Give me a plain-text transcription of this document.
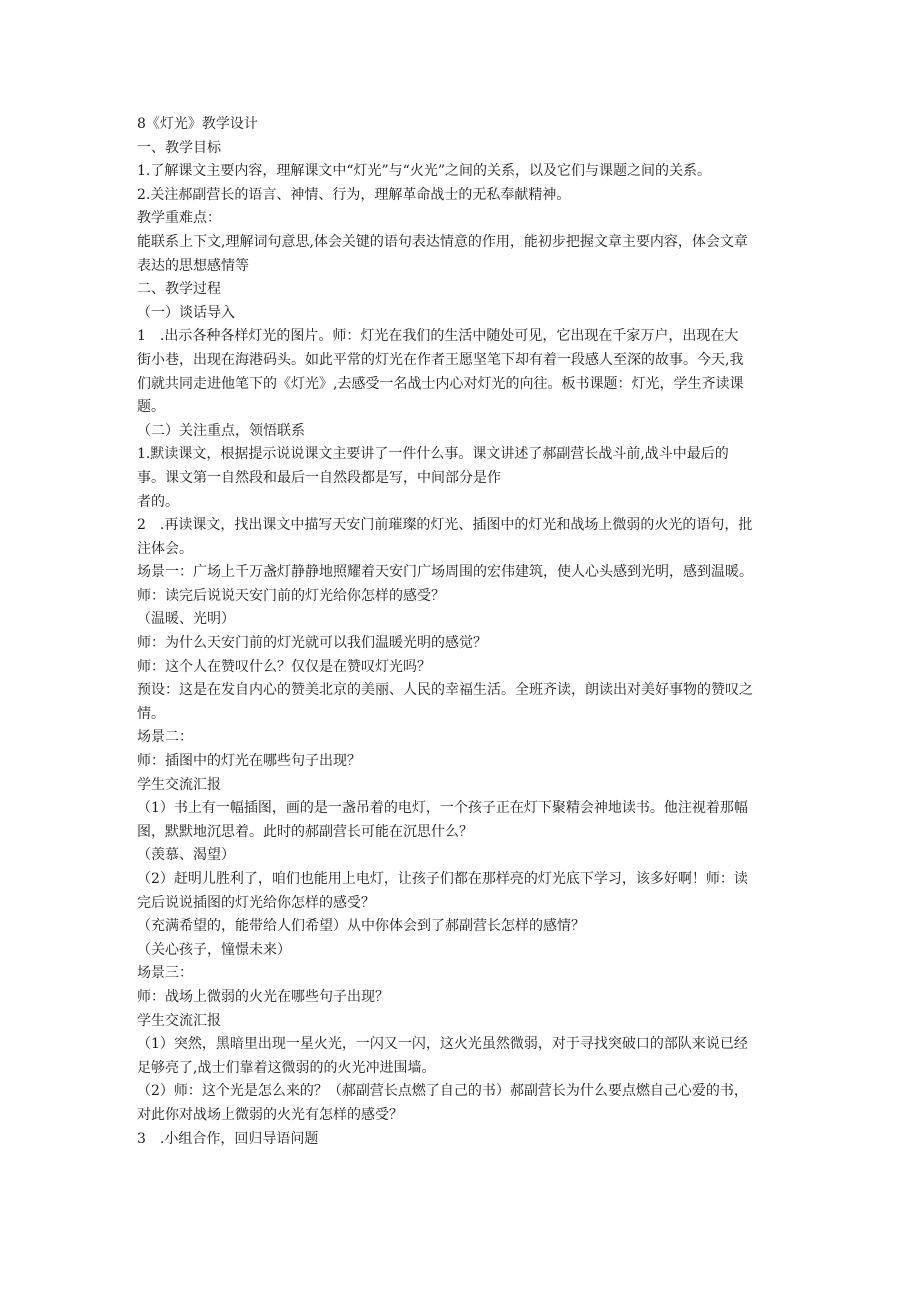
8《灯光》教学设计

一、教学目标

1.了解课文主要内容，理解课文中“灯光”与“火光”之间的关系，以及它们与课题之间的关系。

2.关注郝副营长的语言、神情、行为，理解革命战士的无私奉献精神。

教学重难点：

能联系上下文,理解词句意思,体会关键的语句表达情意的作用，能初步把握文章主要内容，体会文章

表达的思想感情等

二、教学过程

（一）谈话导入

1　.出示各种各样灯光的图片。师：灯光在我们的生活中随处可见，它出现在千家万户，出现在大

街小巷，出现在海港码头。如此平常的灯光在作者王愿坚笔下却有着一段感人至深的故事。今天,我

们就共同走进他笔下的《灯光》,去感受一名战士内心对灯光的向往。板书课题：灯光，学生齐读课

题。

（二）关注重点，领悟联系

1.默读课文，根据提示说说课文主要讲了一件什么事。课文讲述了郝副营长战斗前,战斗中最后的

事。课文第一自然段和最后一自然段都是写，中间部分是作

者的。

2　.再读课文，找出课文中描写天安门前璀璨的灯光、插图中的灯光和战场上微弱的火光的语句，批

注体会。

场景一：广场上千万盏灯静静地照耀着天安门广场周围的宏伟建筑，使人心头感到光明，感到温暖。

师：读完后说说天安门前的灯光给你怎样的感受？

（温暖、光明）

师：为什么天安门前的灯光就可以我们温暖光明的感觉？

师：这个人在赞叹什么？仅仅是在赞叹灯光吗？

预设：这是在发自内心的赞美北京的美丽、人民的幸福生活。全班齐读，朗读出对美好事物的赞叹之

情。

场景二：

师：插图中的灯光在哪些句子出现？

学生交流汇报

（1）书上有一幅插图，画的是一盏吊着的电灯，一个孩子正在灯下聚精会神地读书。他注视着那幅

图，默默地沉思着。此时的郝副营长可能在沉思什么？

（羡慕、渴望）

（2）赶明儿胜利了，咱们也能用上电灯，让孩子们都在那样亮的灯光底下学习，该多好啊！师：读

完后说说插图的灯光给你怎样的感受？

（充满希望的，能带给人们希望）从中你体会到了郝副营长怎样的感情？

（关心孩子，憧憬未来）

场景三：

师：战场上微弱的火光在哪些句子出现？

学生交流汇报

（1）突然，黑暗里出现一星火光，一闪又一闪，这火光虽然微弱，对于寻找突破口的部队来说已经

足够亮了,战士们靠着这微弱的的火光冲进围墙。

（2）师：这个光是怎么来的？（郝副营长点燃了自己的书）郝副营长为什么要点燃自己心爱的书，

对此你对战场上微弱的火光有怎样的感受？

3　.小组合作，回归导语问题
